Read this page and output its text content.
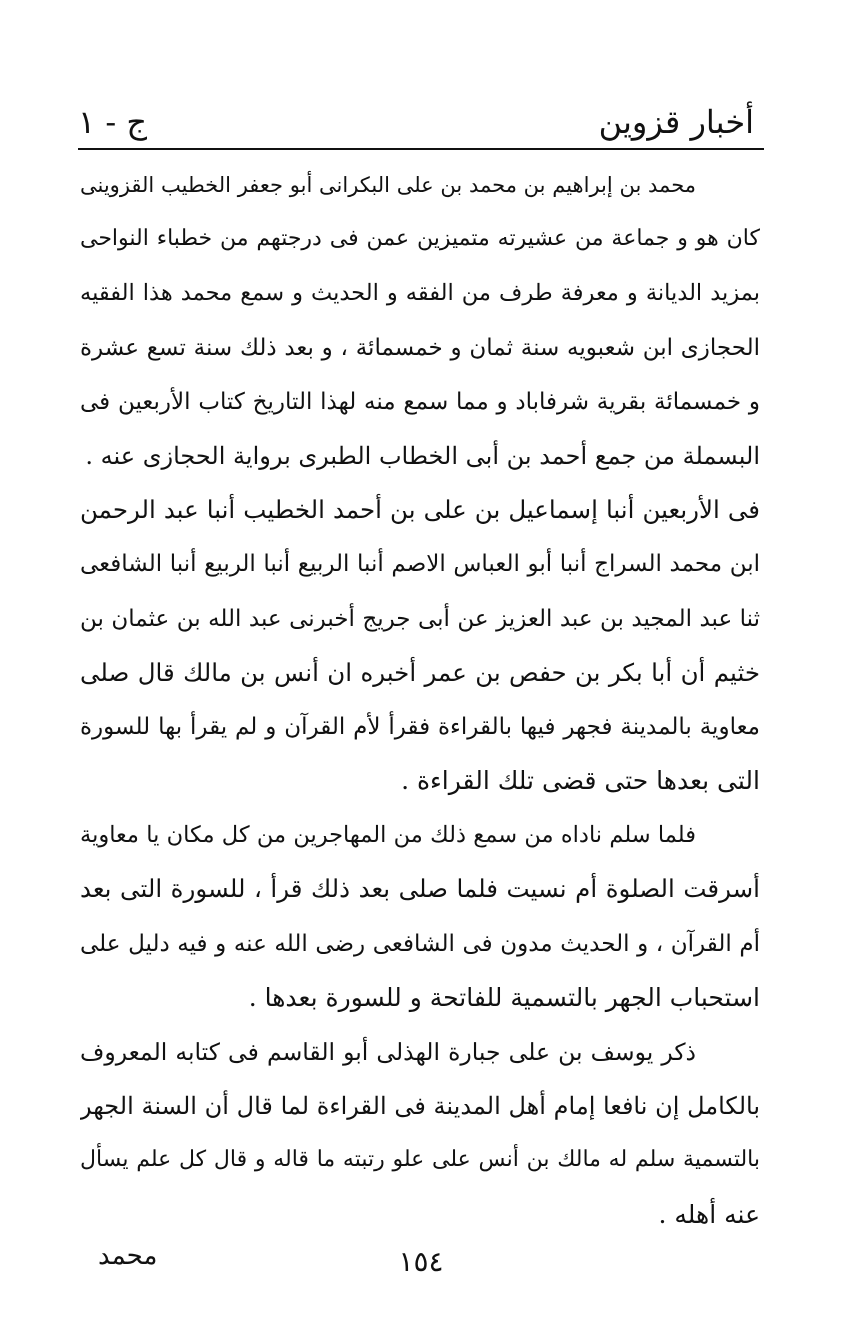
أخبار قزوين
ج - ١
محمد بن إبراهيم بن محمد بن على البكرانى أبو جعفر الخطيب القزوينى
كان هو و جماعة من عشيرته متميزين عمن فى درجتهم من خطباء النواحى
بمزيد الديانة و معرفة طرف من الفقه و الحديث و سمع محمد هذا الفقيه
الحجازى ابن شعبويه سنة ثمان و خمسمائة ، و بعد ذلك سنة تسع عشرة
و خمسمائة بقرية شرفاباد و مما سمع منه لهذا التاريخ كتاب الأربعين فى
البسملة من جمع أحمد بن أبى الخطاب الطبرى برواية الحجازى عنه .
فى الأربعين أنبا إسماعيل بن على بن أحمد الخطيب أنبا عبد الرحمن
ابن محمد السراج أنبا أبو العباس الاصم أنبا الربيع أنبا الربيع أنبا الشافعى
ثنا عبد المجيد بن عبد العزيز عن أبى جريج أخبرنى عبد الله بن عثمان بن
خثيم أن أبا بكر بن حفص بن عمر أخبره ان أنس بن مالك قال صلى
معاوية بالمدينة فجهر فيها بالقراءة فقرأ لأم القرآن و لم يقرأ بها للسورة
التى بعدها حتى قضى تلك القراءة .
فلما سلم ناداه من سمع ذلك من المهاجرين من كل مكان يا معاوية
أسرقت الصلوة أم نسيت فلما صلى بعد ذلك قرأ ، للسورة التى بعد
أم القرآن ، و الحديث مدون فى الشافعى رضى الله عنه و فيه دليل على
استحباب الجهر بالتسمية للفاتحة و للسورة بعدها .
ذكر يوسف بن على جبارة الهذلى أبو القاسم فى كتابه المعروف
بالكامل إن نافعا إمام أهل المدينة فى القراءة لما قال أن السنة الجهر
بالتسمية سلم له مالك بن أنس على علو رتبته ما قاله و قال كل علم يسأل
عنه أهله .
١٥٤
محمد
